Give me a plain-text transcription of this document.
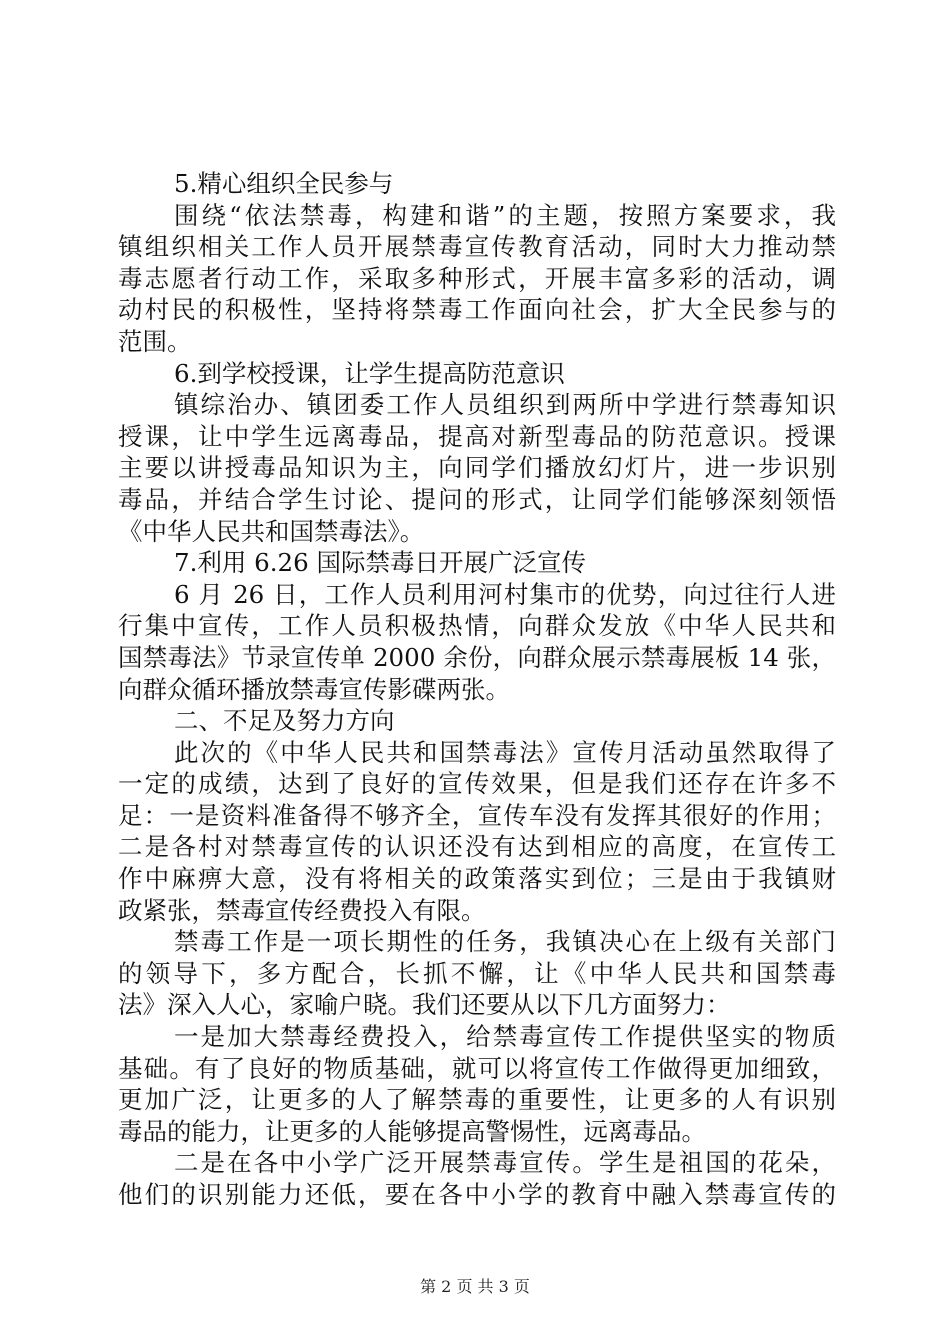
5.精心组织全民参与
围绕“依法禁毒，构建和谐”的主题，按照方案要求，我
镇组织相关工作人员开展禁毒宣传教育活动，同时大力推动禁
毒志愿者行动工作，采取多种形式，开展丰富多彩的活动，调
动村民的积极性，坚持将禁毒工作面向社会，扩大全民参与的
范围。
6.到学校授课，让学生提高防范意识
镇综治办、镇团委工作人员组织到两所中学进行禁毒知识
授课，让中学生远离毒品，提高对新型毒品的防范意识。授课
主要以讲授毒品知识为主，向同学们播放幻灯片，进一步识别
毒品，并结合学生讨论、提问的形式，让同学们能够深刻领悟
《中华人民共和国禁毒法》。
7.利用 6.26 国际禁毒日开展广泛宣传
6 月 26 日，工作人员利用河村集市的优势，向过往行人进
行集中宣传，工作人员积极热情，向群众发放《中华人民共和
国禁毒法》节录宣传单 2000 余份，向群众展示禁毒展板 14 张，
向群众循环播放禁毒宣传影碟两张。
二、不足及努力方向
此次的《中华人民共和国禁毒法》宣传月活动虽然取得了
一定的成绩，达到了良好的宣传效果，但是我们还存在许多不
足：一是资料准备得不够齐全，宣传车没有发挥其很好的作用；
二是各村对禁毒宣传的认识还没有达到相应的高度，在宣传工
作中麻痹大意，没有将相关的政策落实到位；三是由于我镇财
政紧张，禁毒宣传经费投入有限。
禁毒工作是一项长期性的任务，我镇决心在上级有关部门
的领导下，多方配合，长抓不懈，让《中华人民共和国禁毒
法》深入人心，家喻户晓。我们还要从以下几方面努力：
一是加大禁毒经费投入，给禁毒宣传工作提供坚实的物质
基础。有了良好的物质基础，就可以将宣传工作做得更加细致，
更加广泛，让更多的人了解禁毒的重要性，让更多的人有识别
毒品的能力，让更多的人能够提高警惕性，远离毒品。
二是在各中小学广泛开展禁毒宣传。学生是祖国的花朵，
他们的识别能力还低，要在各中小学的教育中融入禁毒宣传的
第 2 页 共 3 页
